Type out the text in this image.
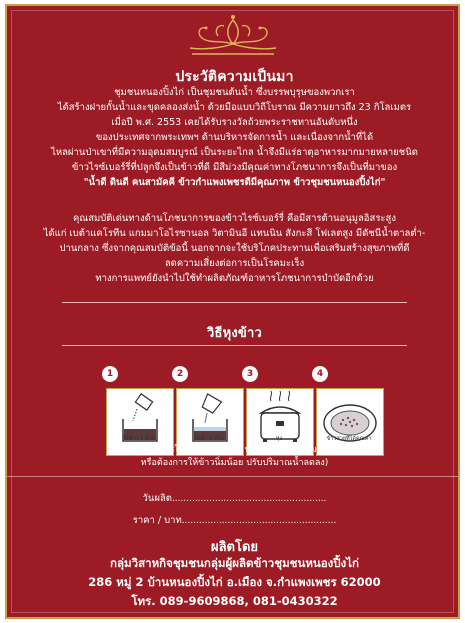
ประวัติความเป็นมา
ชุมชนหนองปิ้งไก่ เป็นชุมชนต้นน้ำ ซึ่งบรรพบุรุษของพวกเรา
ได้สร้างฝายกั้นน้ำและขุดคลองส่งน้ำ ด้วยมือแบบวิถีโบราณ มีความยาวถึง 23 กิโลเมตร
เมื่อปี พ.ศ. 2553 เคยได้รับรางวัลถ้วยพระราชทานอันดับหนึ่ง
ของประเทศจากพระเทพฯ ด้านบริหารจัดการน้ำ และเนื่องจากน้ำที่ได้
ไหลผ่านป่าเขาที่มีความอุดมสมบูรณ์ เป็นระยะไกล น้ำจึงมีแร่ธาตุอาหารมากมายหลายชนิด
ข้าวไรซ์เบอร์รี่ที่ปลูกจึงเป็นข้าวที่ดี มีสีม่วงมีคุณค่าทางโภชนาการจึงเป็นที่มาของ
"น้ำดี ดินดี คนสามัคคี ข้าวกำแพงเพชรดีมีคุณภาพ ข้าวชุมชนหนองปิ้งไก่"
คุณสมบัติเด่นทางด้านโภชนาการของข้าวไรซ์เบอร์รี่ คือมีสารต้านอนุมูลอิสระสูง
ได้แก่ เบต้าแคโรทีน แกมมาโอไรซานอล วิตามินอี แทนนิน สังกะสี โฟเลตสูง มีดัชนีน้ำตาลต่ำ-
ปานกลาง ซึ่งจากคุณสมบัติข้อนี้ นอกจากจะใช้บริโภคประทานเพื่อเสริมสร้างสุขภาพที่ดี
ลดความเสี่ยงต่อการเป็นโรคมะเร็ง
ทางการแพทย์ยังนำไปใช้ทำผลิตภัณฑ์อาหารโภชนาการบำบัดอีกด้วย
วิธีหุงข้าว
1
ใส่ข้าว 1 ส่วน
2
ใส่น้ำ 5 ส่วน
3
หุง
4
ข้าวสวยที่ได้คุณค่า
(หากต้องการให้ข้าวนุ่มมากขึ้น ปรับปริมาณน้ำเพิ่มมากขึ้น
หรือต้องการให้ข้าวนิ่มน้อย ปรับปริมาณน้ำลดลง)
วันผลิต......................................................
ราคา / บาท......................................................
ผลิตโดย
กลุ่มวิสาหกิจชุมชนกลุ่มผู้ผลิตข้าวชุมชนหนองปิ้งไก่
286 หมู่ 2 บ้านหนองปิ้งไก่ อ.เมือง จ.กำแพงเพชร 62000
โทร. 089-9609868, 081-0430322
